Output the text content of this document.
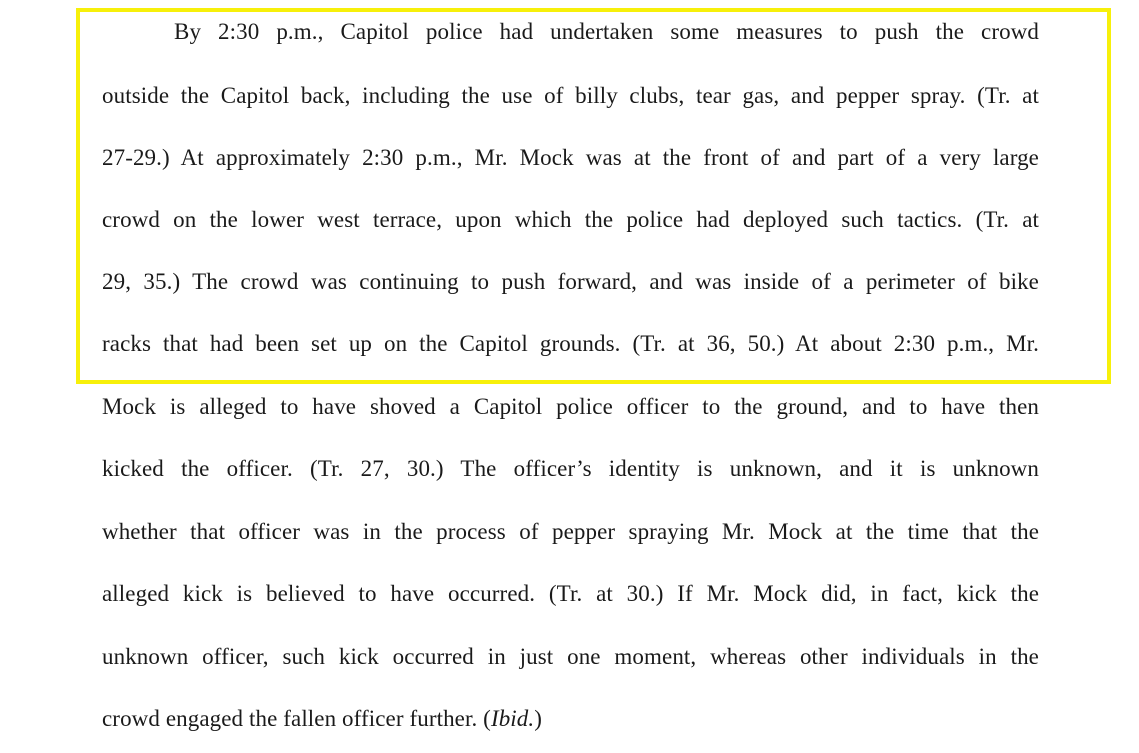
By 2:30 p.m., Capitol police had undertaken some measures to push the crowd
outside the Capitol back, including the use of billy clubs, tear gas, and pepper spray. (Tr. at
27-29.) At approximately 2:30 p.m., Mr. Mock was at the front of and part of a very large
crowd on the lower west terrace, upon which the police had deployed such tactics. (Tr. at
29, 35.) The crowd was continuing to push forward, and was inside of a perimeter of bike
racks that had been set up on the Capitol grounds. (Tr. at 36, 50.) At about 2:30 p.m., Mr.
Mock is alleged to have shoved a Capitol police officer to the ground, and to have then
kicked the officer. (Tr. 27, 30.) The officer’s identity is unknown, and it is unknown
whether that officer was in the process of pepper spraying Mr. Mock at the time that the
alleged kick is believed to have occurred. (Tr. at 30.) If Mr. Mock did, in fact, kick the
unknown officer, such kick occurred in just one moment, whereas other individuals in the
crowd engaged the fallen officer further. (Ibid.)
